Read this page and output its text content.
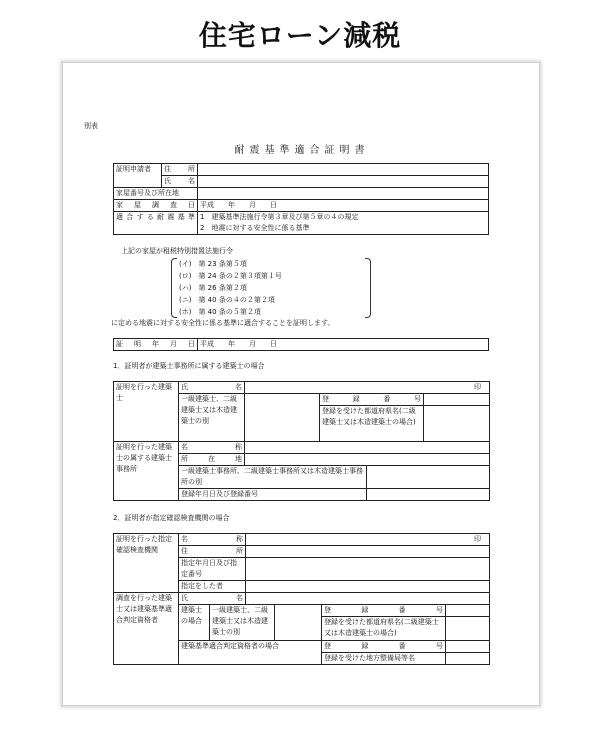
住宅ローン減税
別表
耐震基準適合証明書
証明申請者	住　所	
	氏　名	
家屋番号及び所在地		
家屋調査日		平成　　年　　月　　日
適合する耐震基準		1　建築基準法施行令第３章及び第５章の４の規定
2　地震に対する安全性に係る基準
上記の家屋が租税特別措置法施行令
(イ)　第 23 条第５項
(ロ)　第 24 条の２第３項第１号
(ハ)　第 26 条第２項
(ニ)　第 40 条の４の２第２項
(ホ)　第 40 条の５第２項
に定める地震に対する安全性に係る基準に適合することを証明します。
証明年月日	平成　　年　　月　　日
1．証明者が建築士事務所に属する建築士の場合
証明を行った建築士	氏　　名	印			
	一級建築士、二級建築士又は木造建築士の別		登録番号		
			登録を受けた都道府県名(二級建築士又は木造建築士の場合)		
証明を行った建築士の属する建築士事務所	名　　称				
	所在地				
	一級建築士事務所、二級建築士事務所又は木造建築士事務所の別				
	登録年月日及び登録番号				
2．証明者が指定確認検査機関の場合
証明を行った指定確認検査機関	名　　称		印			
	住　　所					
	指定年月日及び指定番号					
	指定をした者					
調査を行った建築士又は建築基準適合判定資格者	氏　　名					
	建築士の場合	一級建築士、二級建築士又は木造建築士の別			登録番号	
					登録を受けた都道府県名(二級建築士又は木造建築士の場合)	
	建築基準適合判定資格者の場合				登録番号	
					登録を受けた地方整備局等名	
